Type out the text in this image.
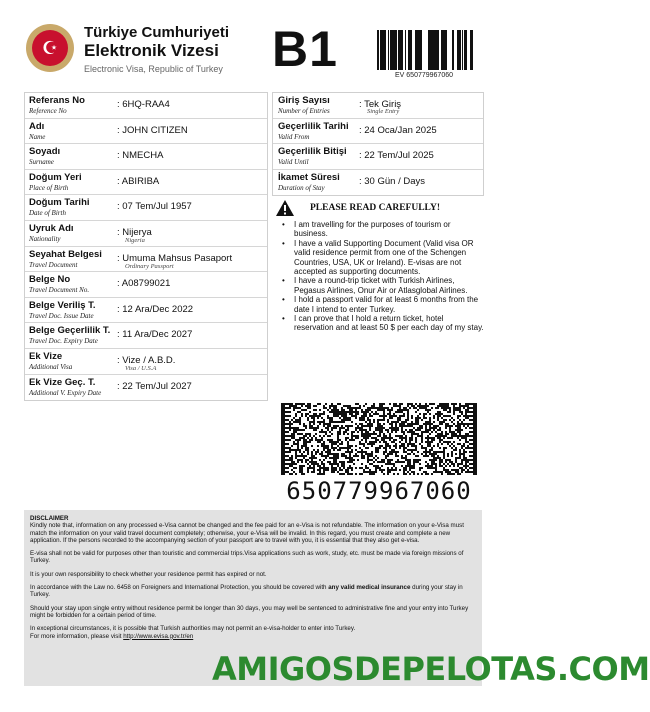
☪
Türkiye Cumhuriyeti
Elektronik Vizesi
Electronic Visa, Republic of Turkey B1	EV 650779967060
Referans No
Reference No
: 6HQ-RAA4
Adı
Name
: JOHN CITIZEN
Soyadı
Surname
: NMECHA
Doğum Yeri
Place of Birth
: ABIRIBA
Doğum Tarihi
Date of Birth
: 07 Tem/Jul 1957
Uyruk Adı
Nationality
: Nijerya
Nigeria
Seyahat Belgesi
Travel Document
: Umuma Mahsus Pasaport
Ordinary Passport
Belge No
Travel Document No.
: A08799021
Belge Veriliş T.
Travel Doc. Issue Date
: 12 Ara/Dec 2022
Belge Geçerlilik T.
Travel Doc. Expiry Date
: 11 Ara/Dec 2027
Ek Vize
Additional Visa
: Vize / A.B.D.
Visa / U.S.A
Ek Vize Geç. T.
Additional V. Expiry Date
: 22 Tem/Jul 2027
Giriş Sayısı
Number of Entries
: Tek Giriş
Single Entry
Geçerlilik Tarihi
Valid From
: 24 Oca/Jan 2025
Geçerlilik Bitişi
Valid Until
: 22 Tem/Jul 2025
İkamet Süresi
Duration of Stay
: 30 Gün / Days
PLEASE READ CAREFULLY!
• I am travelling for the purposes of tourism or business.
• I have a valid Supporting Document (Valid visa OR valid residence permit from one of the Schengen Countries, USA, UK or Ireland). E-visas are not accepted as supporting documents.
• I have a round-trip ticket with Turkish Airlines, Pegasus Airlines, Onur Air or Atlasglobal Airlines.
• I hold a passport valid for at least 6 months from the date I intend to enter Turkey.
• I can prove that I hold a return ticket, hotel reservation and at least 50 $ per each day of my stay.
650779967060

DISCLAIMER

Kindly note that, information on any processed e-Visa cannot be changed and the fee paid for an e-Visa is not refundable. The information on your e-Visa must match the information on your valid travel document completely; otherwise, your e-Visa will be invalid. In this regard, you must create and complete a new application. If the persons recorded to the accompanying section of your passport are to travel with you, it is essential that they also get e-visa.

E-visa shall not be valid for purposes other than touristic and commercial trips.Visa applications such as work, study, etc. must be made via foreign missions of Turkey.

It is your own responsibility to check whether your residence permit has expired or not.

In accordance with the Law no. 6458 on Foreigners and International Protection, you should be covered with any valid medical insurance during your stay in Turkey.

Should your stay upon single entry without residence permit be longer than 30 days, you may well be sentenced to administrative fine and your entry into Turkey might be forbidden for a certain period of time.

In exceptional circumstances, it is possible that Turkish authorities may not permit an e-visa-holder to enter into Turkey.

For more information, please visit http://www.evisa.gov.tr/en

AMIGOSDEPELOTAS.COM
